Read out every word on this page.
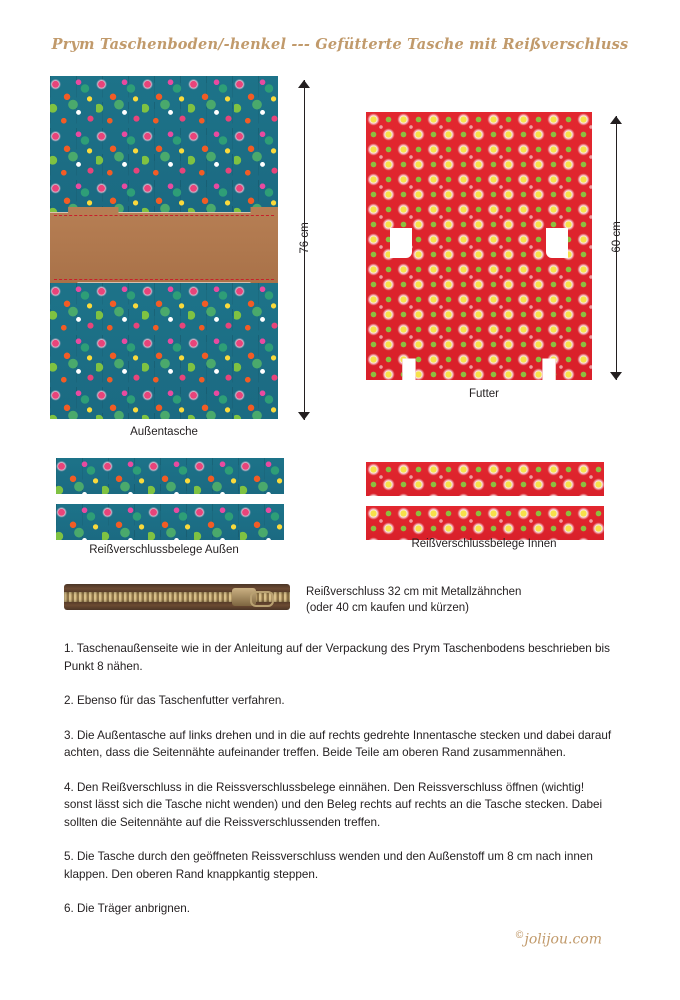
Prym Taschenboden/-henkel --- Gefütterte Tasche mit Reißverschluss
76 cm
Außentasche
60 cm
Futter
Reißverschlussbelege Außen	Reißverschlussbelege Innen
Reißverschluss 32 cm mit Metallzähnchen
(oder 40 cm kaufen und kürzen)

1. Taschenaußenseite wie in der Anleitung auf der Verpackung des Prym Taschenbodens beschrieben bis Punkt 8 nähen.

2. Ebenso für das Taschenfutter verfahren.

3. Die Außentasche auf links drehen und in die auf rechts gedrehte Innentasche stecken und dabei darauf achten, dass die Seitennähte aufeinander treffen. Beide Teile am oberen Rand zusammennähen.

4. Den Reißverschluss in die Reissverschlussbelege einnähen. Den Reissverschluss öffnen (wichtig! sonst lässt sich die Tasche nicht wenden) und den Beleg rechts auf rechts an die Tasche stecken. Dabei sollten die Seitennähte auf die Reissverschlussenden treffen.

5. Die Tasche durch den geöffneten Reissverschluss wenden und den Außenstoff um 8 cm nach innen klappen. Den oberen Rand knappkantig steppen.

6. Die Träger anbrignen.

©jolijou.com
